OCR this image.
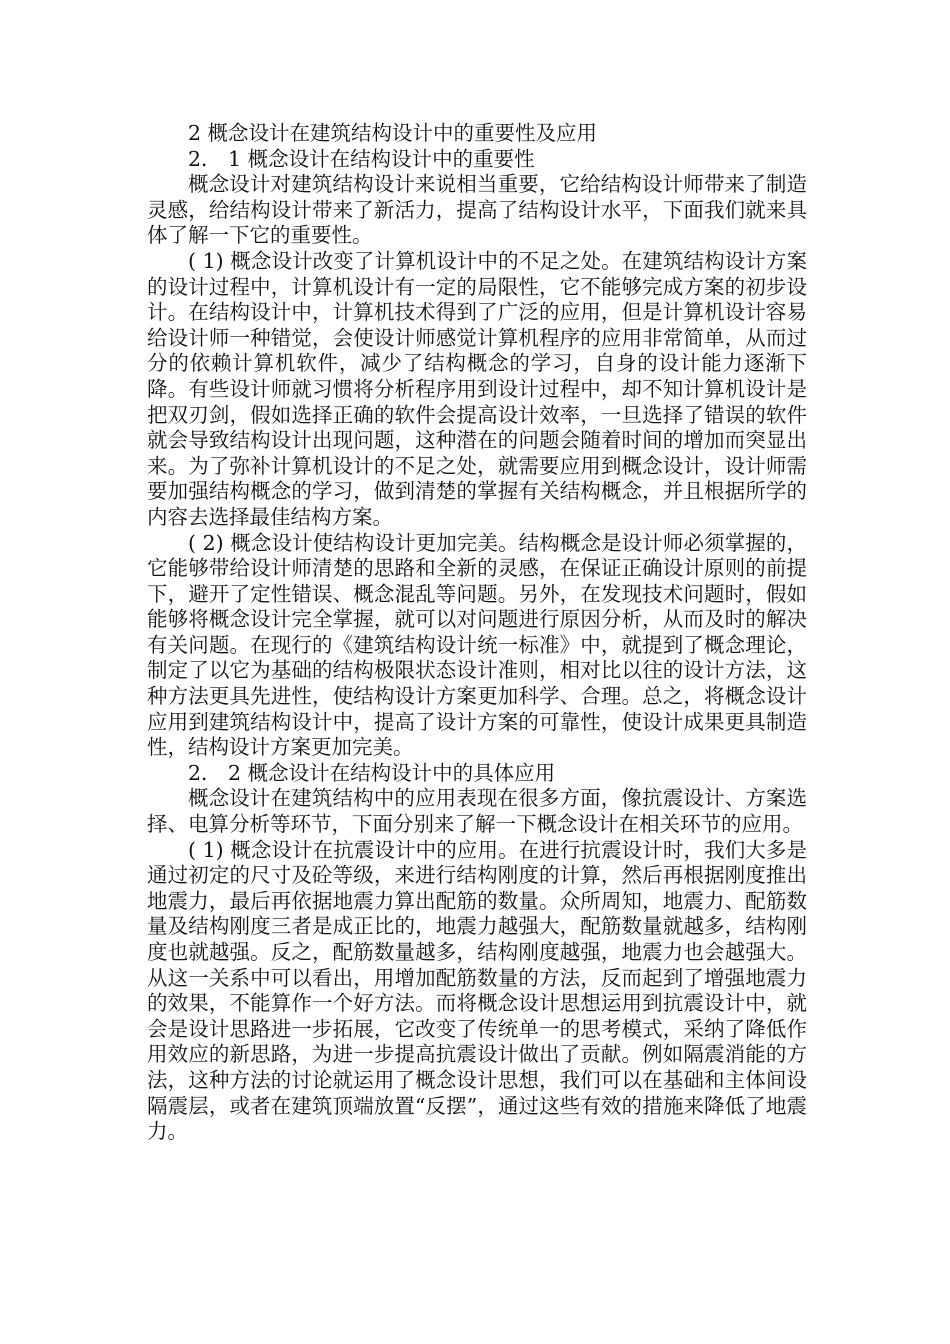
2 概念设计在建筑结构设计中的重要性及应用

2． 1 概念设计在结构设计中的重要性

概念设计对建筑结构设计来说相当重要，它给结构设计师带来了制造灵感，给结构设计带来了新活力，提高了结构设计水平，下面我们就来具体了解一下它的重要性。

( 1) 概念设计改变了计算机设计中的不足之处。在建筑结构设计方案的设计过程中，计算机设计有一定的局限性，它不能够完成方案的初步设计。在结构设计中，计算机技术得到了广泛的应用，但是计算机设计容易给设计师一种错觉，会使设计师感觉计算机程序的应用非常简单，从而过分的依赖计算机软件，减少了结构概念的学习，自身的设计能力逐渐下降。有些设计师就习惯将分析程序用到设计过程中，却不知计算机设计是把双刃剑，假如选择正确的软件会提高设计效率，一旦选择了错误的软件就会导致结构设计出现问题，这种潜在的问题会随着时间的增加而突显出来。为了弥补计算机设计的不足之处，就需要应用到概念设计，设计师需要加强结构概念的学习，做到清楚的掌握有关结构概念，并且根据所学的内容去选择最佳结构方案。

( 2) 概念设计使结构设计更加完美。结构概念是设计师必须掌握的，它能够带给设计师清楚的思路和全新的灵感，在保证正确设计原则的前提下，避开了定性错误、概念混乱等问题。另外，在发现技术问题时，假如能够将概念设计完全掌握，就可以对问题进行原因分析，从而及时的解决有关问题。在现行的《建筑结构设计统一标准》中，就提到了概念理论，制定了以它为基础的结构极限状态设计准则，相对比以往的设计方法，这种方法更具先进性，使结构设计方案更加科学、合理。总之，将概念设计应用到建筑结构设计中，提高了设计方案的可靠性，使设计成果更具制造性，结构设计方案更加完美。

2． 2 概念设计在结构设计中的具体应用

概念设计在建筑结构中的应用表现在很多方面，像抗震设计、方案选择、电算分析等环节，下面分别来了解一下概念设计在相关环节的应用。

( 1) 概念设计在抗震设计中的应用。在进行抗震设计时，我们大多是通过初定的尺寸及砼等级，来进行结构刚度的计算，然后再根据刚度推出地震力，最后再依据地震力算出配筋的数量。众所周知，地震力、配筋数量及结构刚度三者是成正比的，地震力越强大，配筋数量就越多，结构刚度也就越强。反之，配筋数量越多，结构刚度越强，地震力也会越强大。从这一关系中可以看出，用增加配筋数量的方法，反而起到了增强地震力的效果，不能算作一个好方法。而将概念设计思想运用到抗震设计中，就会是设计思路进一步拓展，它改变了传统单一的思考模式，采纳了降低作用效应的新思路，为进一步提高抗震设计做出了贡献。例如隔震消能的方法，这种方法的讨论就运用了概念设计思想，我们可以在基础和主体间设隔震层，或者在建筑顶端放置“反摆”，通过这些有效的措施来降低了地震力。
